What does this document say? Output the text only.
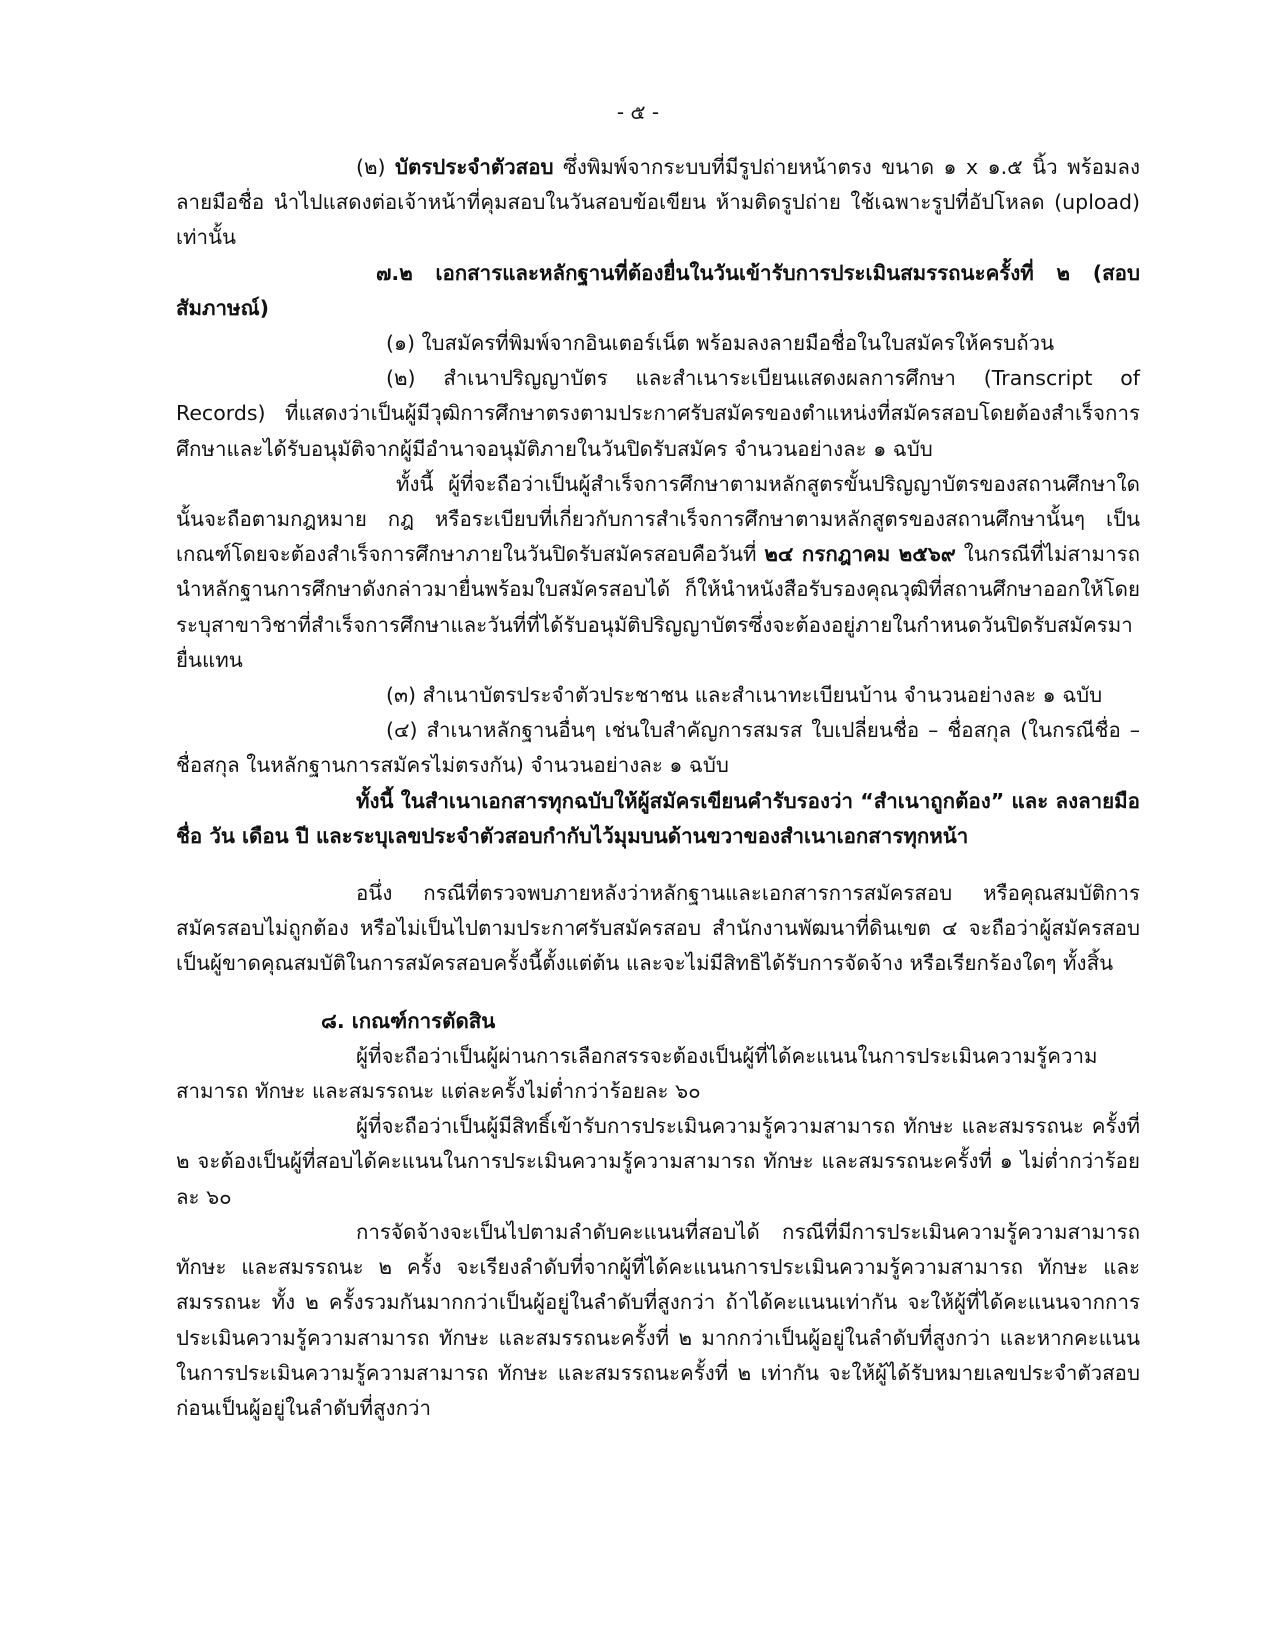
- ๕ -

(๒) บัตรประจำตัวสอบ ซึ่งพิมพ์จากระบบที่มีรูปถ่ายหน้าตรง ขนาด ๑ x ๑.๕ นิ้ว พร้อมลงลายมือชื่อ นำไปแสดงต่อเจ้าหน้าที่คุมสอบในวันสอบข้อเขียน ห้ามติดรูปถ่าย ใช้เฉพาะรูปที่อัปโหลด (upload) เท่านั้น

๗.๒ เอกสารและหลักฐานที่ต้องยื่นในวันเข้ารับการประเมินสมรรถนะครั้งที่ ๒ (สอบสัมภาษณ์)

(๑) ใบสมัครที่พิมพ์จากอินเตอร์เน็ต พร้อมลงลายมือชื่อในใบสมัครให้ครบถ้วน

(๒) สำเนาปริญญาบัตร และสำเนาระเบียนแสดงผลการศึกษา (Transcript of Records) ที่แสดงว่าเป็นผู้มีวุฒิการศึกษาตรงตามประกาศรับสมัครของตำแหน่งที่สมัครสอบโดยต้องสำเร็จการศึกษาและได้รับอนุมัติจากผู้มีอำนาจอนุมัติภายในวันปิดรับสมัคร จำนวนอย่างละ ๑ ฉบับ

ทั้งนี้ ผู้ที่จะถือว่าเป็นผู้สำเร็จการศึกษาตามหลักสูตรขั้นปริญญาบัตรของสถานศึกษาใดนั้นจะถือตามกฎหมาย กฎ หรือระเบียบที่เกี่ยวกับการสำเร็จการศึกษาตามหลักสูตรของสถานศึกษานั้นๆ เป็นเกณฑ์โดยจะต้องสำเร็จการศึกษาภายในวันปิดรับสมัครสอบคือวันที่ ๒๔ กรกฎาคม ๒๕๖๙ ในกรณีที่ไม่สามารถนำหลักฐานการศึกษาดังกล่าวมายื่นพร้อมใบสมัครสอบได้ ก็ให้นำหนังสือรับรองคุณวุฒิที่สถานศึกษาออกให้โดยระบุสาขาวิชาที่สำเร็จการศึกษาและวันที่ที่ได้รับอนุมัติปริญญาบัตรซึ่งจะต้องอยู่ภายในกำหนดวันปิดรับสมัครมายื่นแทน

(๓) สำเนาบัตรประจำตัวประชาชน และสำเนาทะเบียนบ้าน จำนวนอย่างละ ๑ ฉบับ

(๔) สำเนาหลักฐานอื่นๆ เช่นใบสำคัญการสมรส ใบเปลี่ยนชื่อ – ชื่อสกุล (ในกรณีชื่อ – ชื่อสกุล ในหลักฐานการสมัครไม่ตรงกัน) จำนวนอย่างละ ๑ ฉบับ

ทั้งนี้ ในสำเนาเอกสารทุกฉบับให้ผู้สมัครเขียนคำรับรองว่า “สำเนาถูกต้อง” และ ลงลายมือชื่อ วัน เดือน ปี และระบุเลขประจำตัวสอบกำกับไว้มุมบนด้านขวาของสำเนาเอกสารทุกหน้า

อนึ่ง กรณีที่ตรวจพบภายหลังว่าหลักฐานและเอกสารการสมัครสอบ หรือคุณสมบัติการสมัครสอบไม่ถูกต้อง หรือไม่เป็นไปตามประกาศรับสมัครสอบ สำนักงานพัฒนาที่ดินเขต ๔ จะถือว่าผู้สมัครสอบเป็นผู้ขาดคุณสมบัติในการสมัครสอบครั้งนี้ตั้งแต่ต้น และจะไม่มีสิทธิได้รับการจัดจ้าง หรือเรียกร้องใดๆ ทั้งสิ้น

๘. เกณฑ์การตัดสิน

ผู้ที่จะถือว่าเป็นผู้ผ่านการเลือกสรรจะต้องเป็นผู้ที่ได้คะแนนในการประเมินความรู้ความสามารถ ทักษะ และสมรรถนะ แต่ละครั้งไม่ต่ำกว่าร้อยละ ๖๐

ผู้ที่จะถือว่าเป็นผู้มีสิทธิ์เข้ารับการประเมินความรู้ความสามารถ ทักษะ และสมรรถนะ ครั้งที่ ๒ จะต้องเป็นผู้ที่สอบได้คะแนนในการประเมินความรู้ความสามารถ ทักษะ และสมรรถนะครั้งที่ ๑ ไม่ต่ำกว่าร้อยละ ๖๐

การจัดจ้างจะเป็นไปตามลำดับคะแนนที่สอบได้ กรณีที่มีการประเมินความรู้ความสามารถ ทักษะ และสมรรถนะ ๒ ครั้ง จะเรียงลำดับที่จากผู้ที่ได้คะแนนการประเมินความรู้ความสามารถ ทักษะ และสมรรถนะ ทั้ง ๒ ครั้งรวมกันมากกว่าเป็นผู้อยู่ในลำดับที่สูงกว่า ถ้าได้คะแนนเท่ากัน จะให้ผู้ที่ได้คะแนนจากการประเมินความรู้ความสามารถ ทักษะ และสมรรถนะครั้งที่ ๒ มากกว่าเป็นผู้อยู่ในลำดับที่สูงกว่า และหากคะแนนในการประเมินความรู้ความสามารถ ทักษะ และสมรรถนะครั้งที่ ๒ เท่ากัน จะให้ผู้ได้รับหมายเลขประจำตัวสอบก่อนเป็นผู้อยู่ในลำดับที่สูงกว่า
